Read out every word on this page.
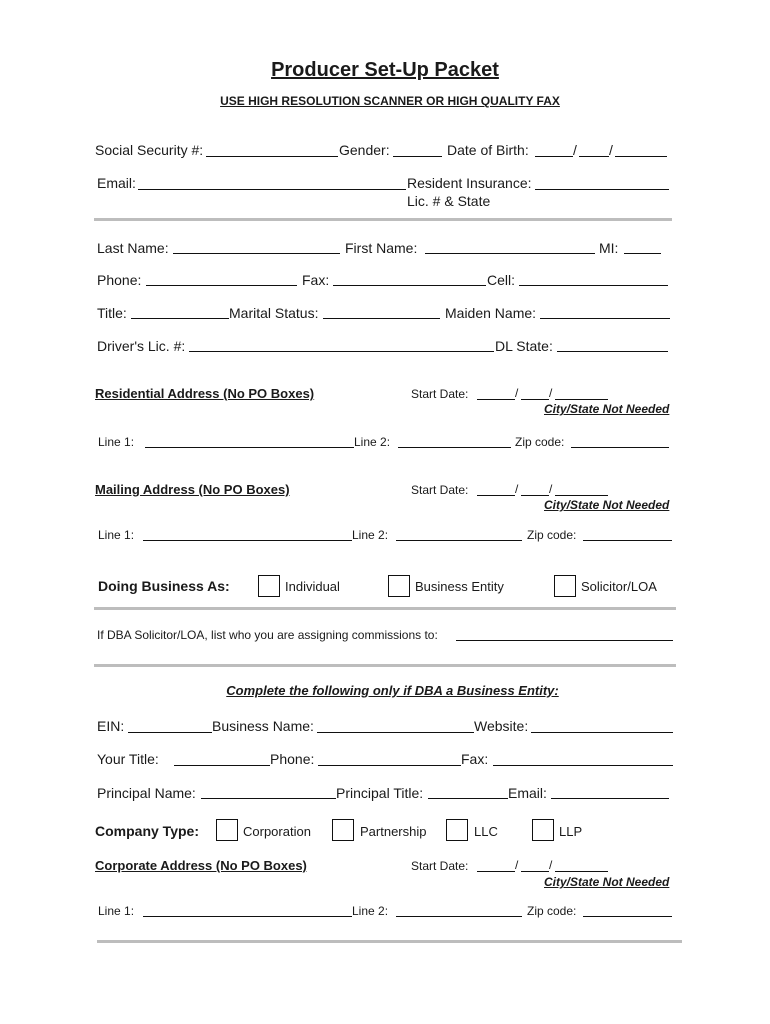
Producer Set-Up Packet
USE HIGH RESOLUTION SCANNER OR HIGH QUALITY FAX
Social Security #:	Gender:	Date of Birth:	/ /
Email:	Resident Insurance:
Lic. # & State
Last Name:	First Name:	MI:
Phone:	Fax:	Cell:
Title:	Marital Status:	Maiden Name:
Driver's Lic. #:	DL State:
Residential Address (No PO Boxes)	Start Date:	/	/
City/State Not Needed
Line 1:	Line 2:	Zip code:
Mailing Address (No PO Boxes)	Start Date:	/	/
City/State Not Needed
Line 1:	Line 2:	Zip code:
Doing Business As:	Individual	Business Entity	Solicitor/LOA
If DBA Solicitor/LOA, list who you are assigning commissions to:
Complete the following only if DBA a Business Entity:
EIN:	Business Name:	Website:
Your Title:	Phone:	Fax:
Principal Name:	Principal Title:	Email:
Company Type:	Corporation	Partnership	LLC	LLP
Corporate Address (No PO Boxes)	Start Date:	/	/
City/State Not Needed
Line 1:	Line 2:	Zip code:
